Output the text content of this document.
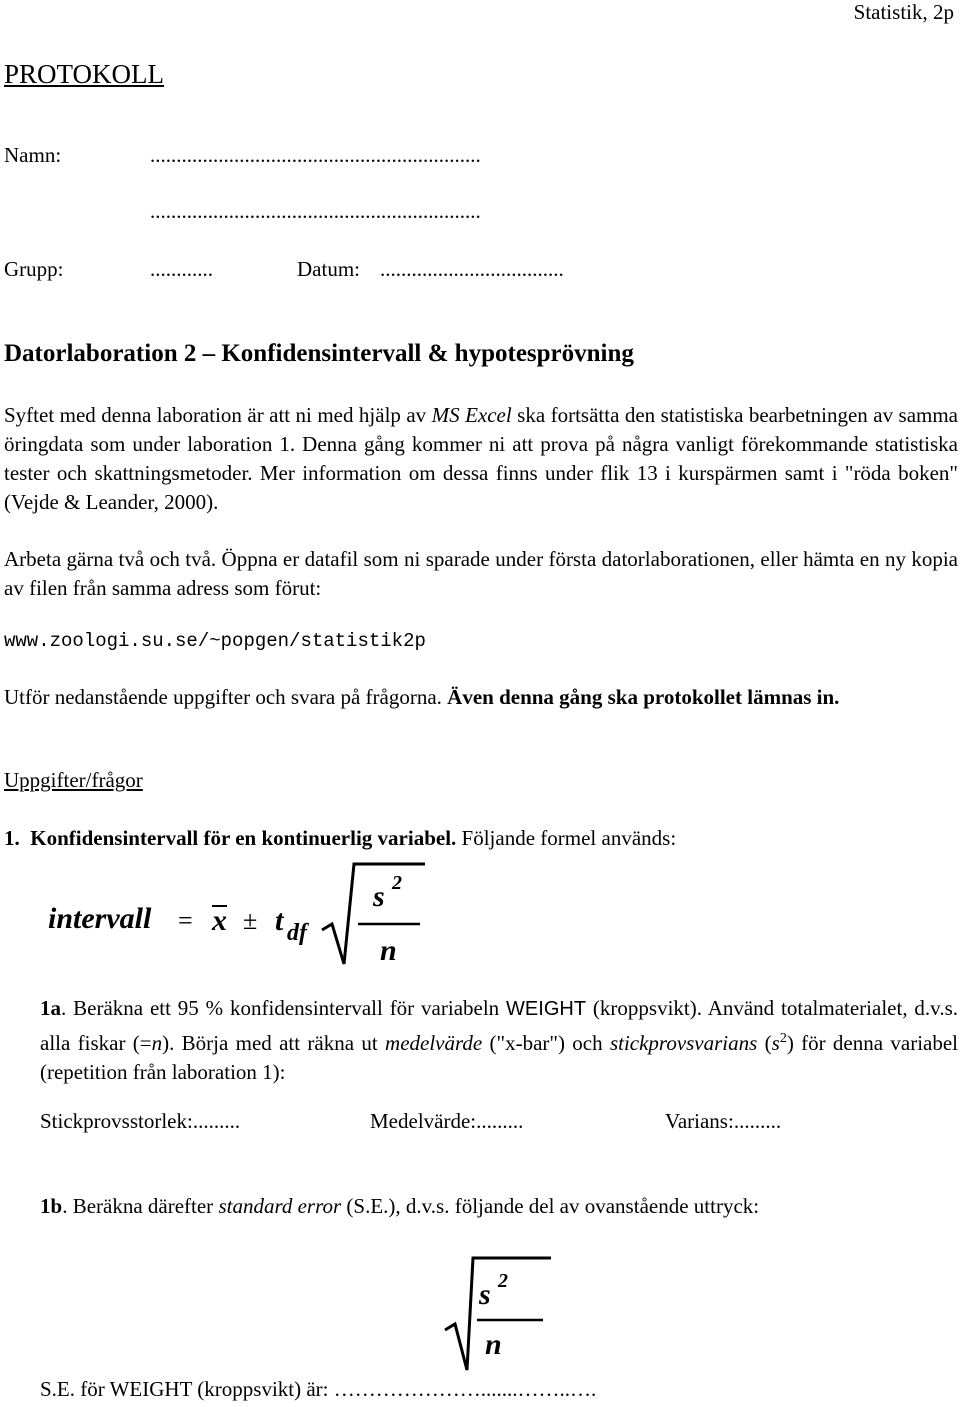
Statistik, 2p
PROTOKOLL
Namn:	...............................................................
...............................................................
Grupp:	............	Datum: ...................................
Datorlaboration 2 – Konfidensintervall & hypotesprövning
Syftet med denna laboration är att ni med hjälp av MS Excel ska fortsätta den statistiska bearbetningen av samma öringdata som under laboration 1. Denna gång kommer ni att prova på några vanligt förekommande statistiska tester och skattningsmetoder. Mer information om dessa finns under flik 13 i kurspärmen samt i "röda boken" (Vejde & Leander, 2000).
Arbeta gärna två och två. Öppna er datafil som ni sparade under första datorlaborationen, eller hämta en ny kopia av filen från samma adress som förut:
www.zoologi.su.se/~popgen/statistik2p
Utför nedanstående uppgifter och svara på frågorna. Även denna gång ska protokollet lämnas in.
Uppgifter/frågor
1. Konfidensintervall för en kontinuerlig variabel. Följande formel används:
intervall = x ± t df
s 2
n
1a. Beräkna ett 95 % konfidensintervall för variabeln WEIGHT (kroppsvikt). Använd totalmaterialet, d.v.s. alla fiskar (=n). Börja med att räkna ut medelvärde ("x-bar") och stickprovsvarians $(s^2)$ för denna variabel (repetition från laboration 1):
Stickprovsstorlek:.........	Medelvärde:.........	Varians:.........
1b. Beräkna därefter standard error (S.E.), d.v.s. följande del av ovanstående uttryck:
s 2
n
S.E. för WEIGHT (kroppsvikt) är: ………………….......……..….
